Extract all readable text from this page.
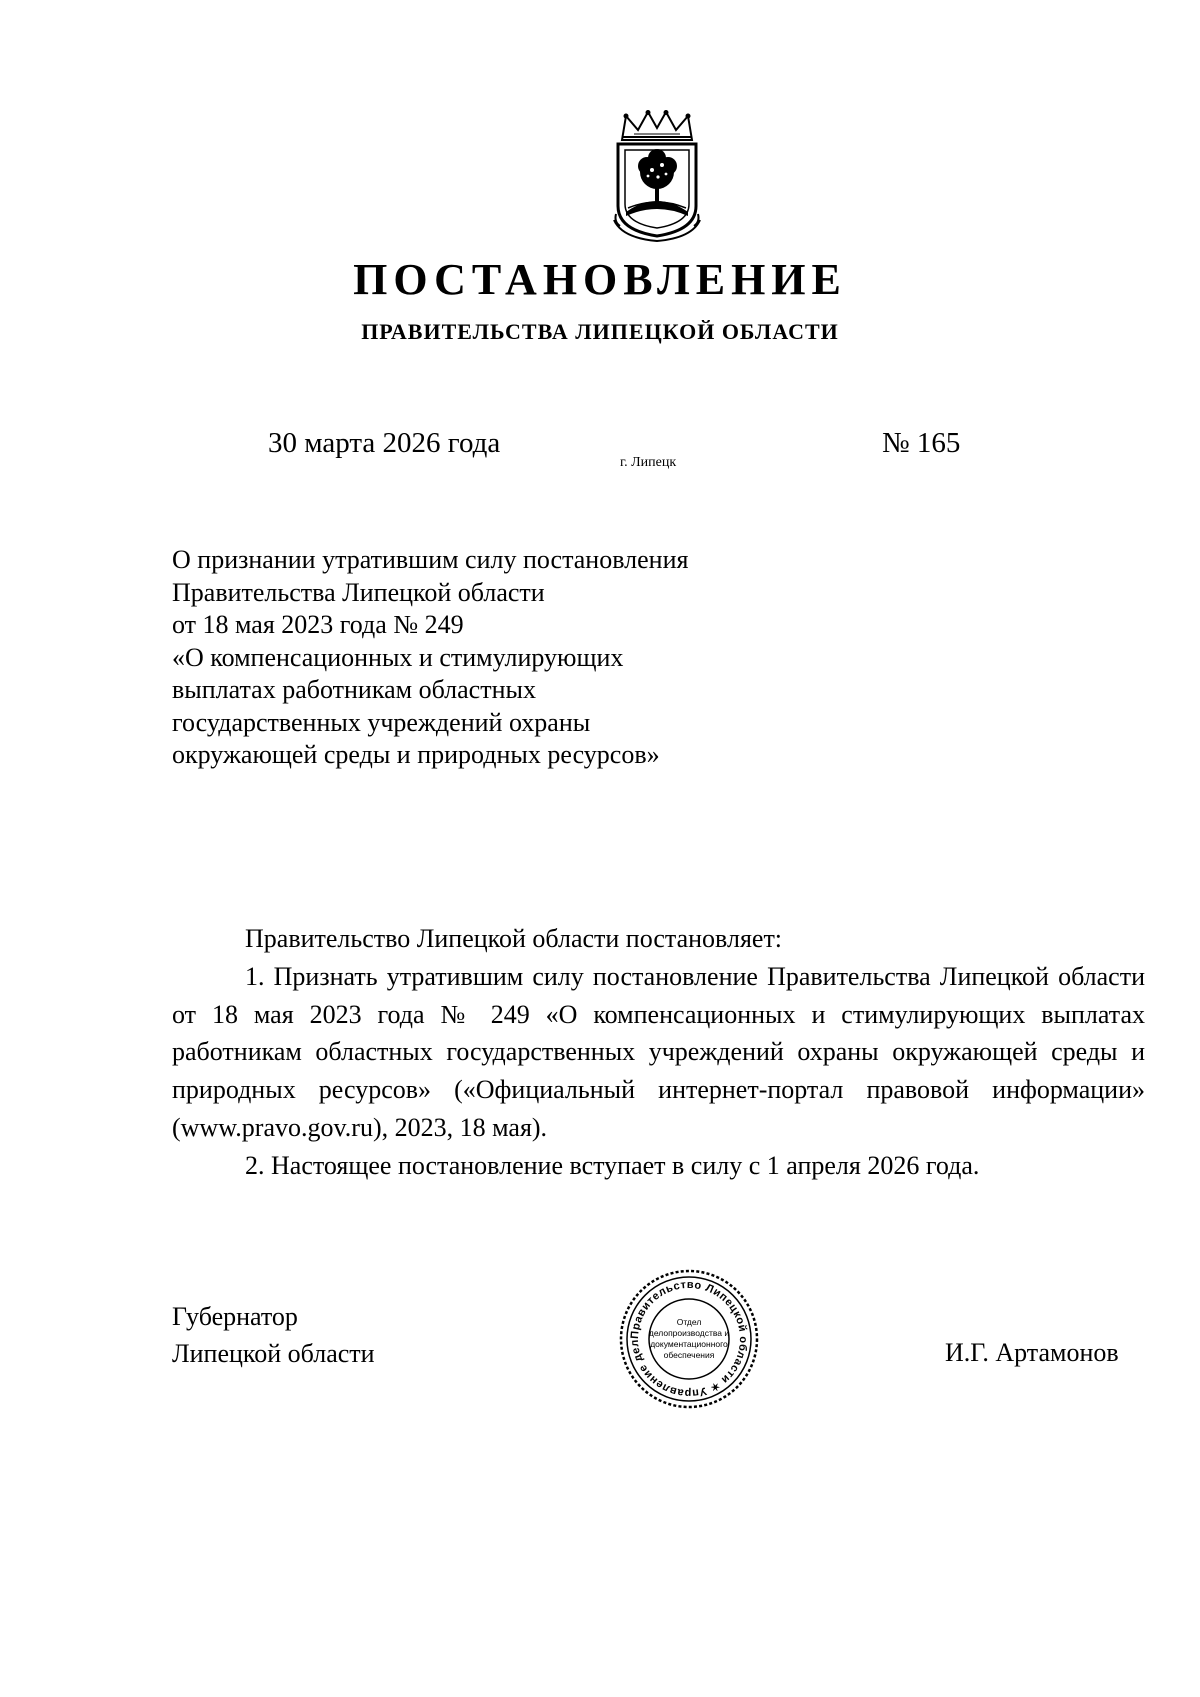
ПОСТАНОВЛЕНИЕ
ПРАВИТЕЛЬСТВА ЛИПЕЦКОЙ ОБЛАСТИ
30 марта 2026 года
г. Липецк
№ 165
О признании утратившим силу постановления
Правительства Липецкой области
от 18 мая 2023 года № 249
«О компенсационных и стимулирующих
выплатах работникам областных
государственных учреждений охраны
окружающей среды и природных ресурсов»

Правительство Липецкой области постановляет:

1. Признать утратившим силу постановление Правительства Липецкой области от 18 мая 2023 года № 249 «О компенсационных и стимулирующих выплатах работникам областных государственных учреждений охраны окружающей среды и природных ресурсов» («Официальный интернет-портал правовой информации» (www.pravo.gov.ru), 2023, 18 мая).

2. Настоящее постановление вступает в силу с 1 апреля 2026 года.

Губернатор
Липецкой области
Правительство Липецкой области ✶ Управление дел
Отдел
делопроизводства и
документационного
обеспечения	И.Г. Артамонов
